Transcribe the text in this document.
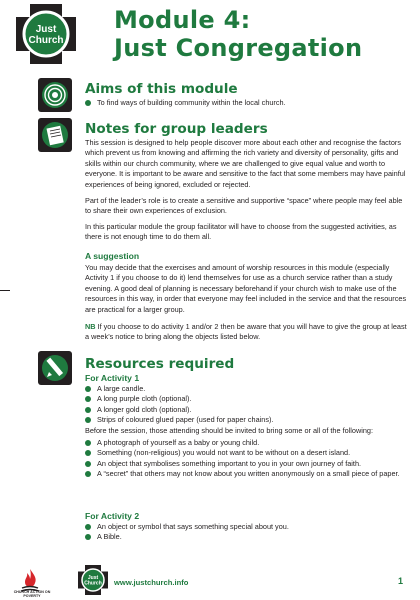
Just
Church
Module 4:
Just Congregation
Aims of this module
To find ways of building community within the local church.
Notes for group leaders

This session is designed to help people discover more about each other and recognise the factors which prevent us from knowing and affirming the rich variety and diversity of personality, gifts and skills within our church community, where we are challenged to give equal value and worth to everyone. It is important to be aware and sensitive to the fact that some members may have painful experiences of being ignored, excluded or rejected.

Part of the leader’s role is to create a sensitive and supportive “space” where people may feel able to share their own experiences of exclusion.

In this particular module the group facilitator will have to choose from the suggested activities, as there is not enough time to do them all.

A suggestion

You may decide that the exercises and amount of worship resources in this module (especially Activity 1 if you choose to do it) lend themselves for use as a church service rather than a study evening. A good deal of planning is necessary beforehand if your church wish to make use of the resources in this way, in order that everyone may feel included in the service and that the resources are practical for a larger group.

NB If you choose to do activity 1 and/or 2 then be aware that you will have to give the group at least a week’s notice to bring along the objects listed below.

Resources required
For Activity 1
A large candle.
A long purple cloth (optional).
A longer gold cloth (optional).
Strips of coloured glued paper (used for paper chains).

Before the session, those attending should be invited to bring some or all of the following:

A photograph of yourself as a baby or young child.
Something (non-religious) you would not want to be without on a desert island.
An object that symbolises something important to you in your own journey of faith.
A “secret” that others may not know about you written anonymously on a small piece of paper.
For Activity 2
An object or symbol that says something special about you.
A Bible.
CHURCH ACTION ON POVERTY
Just
Church www.justchurch.info	1
